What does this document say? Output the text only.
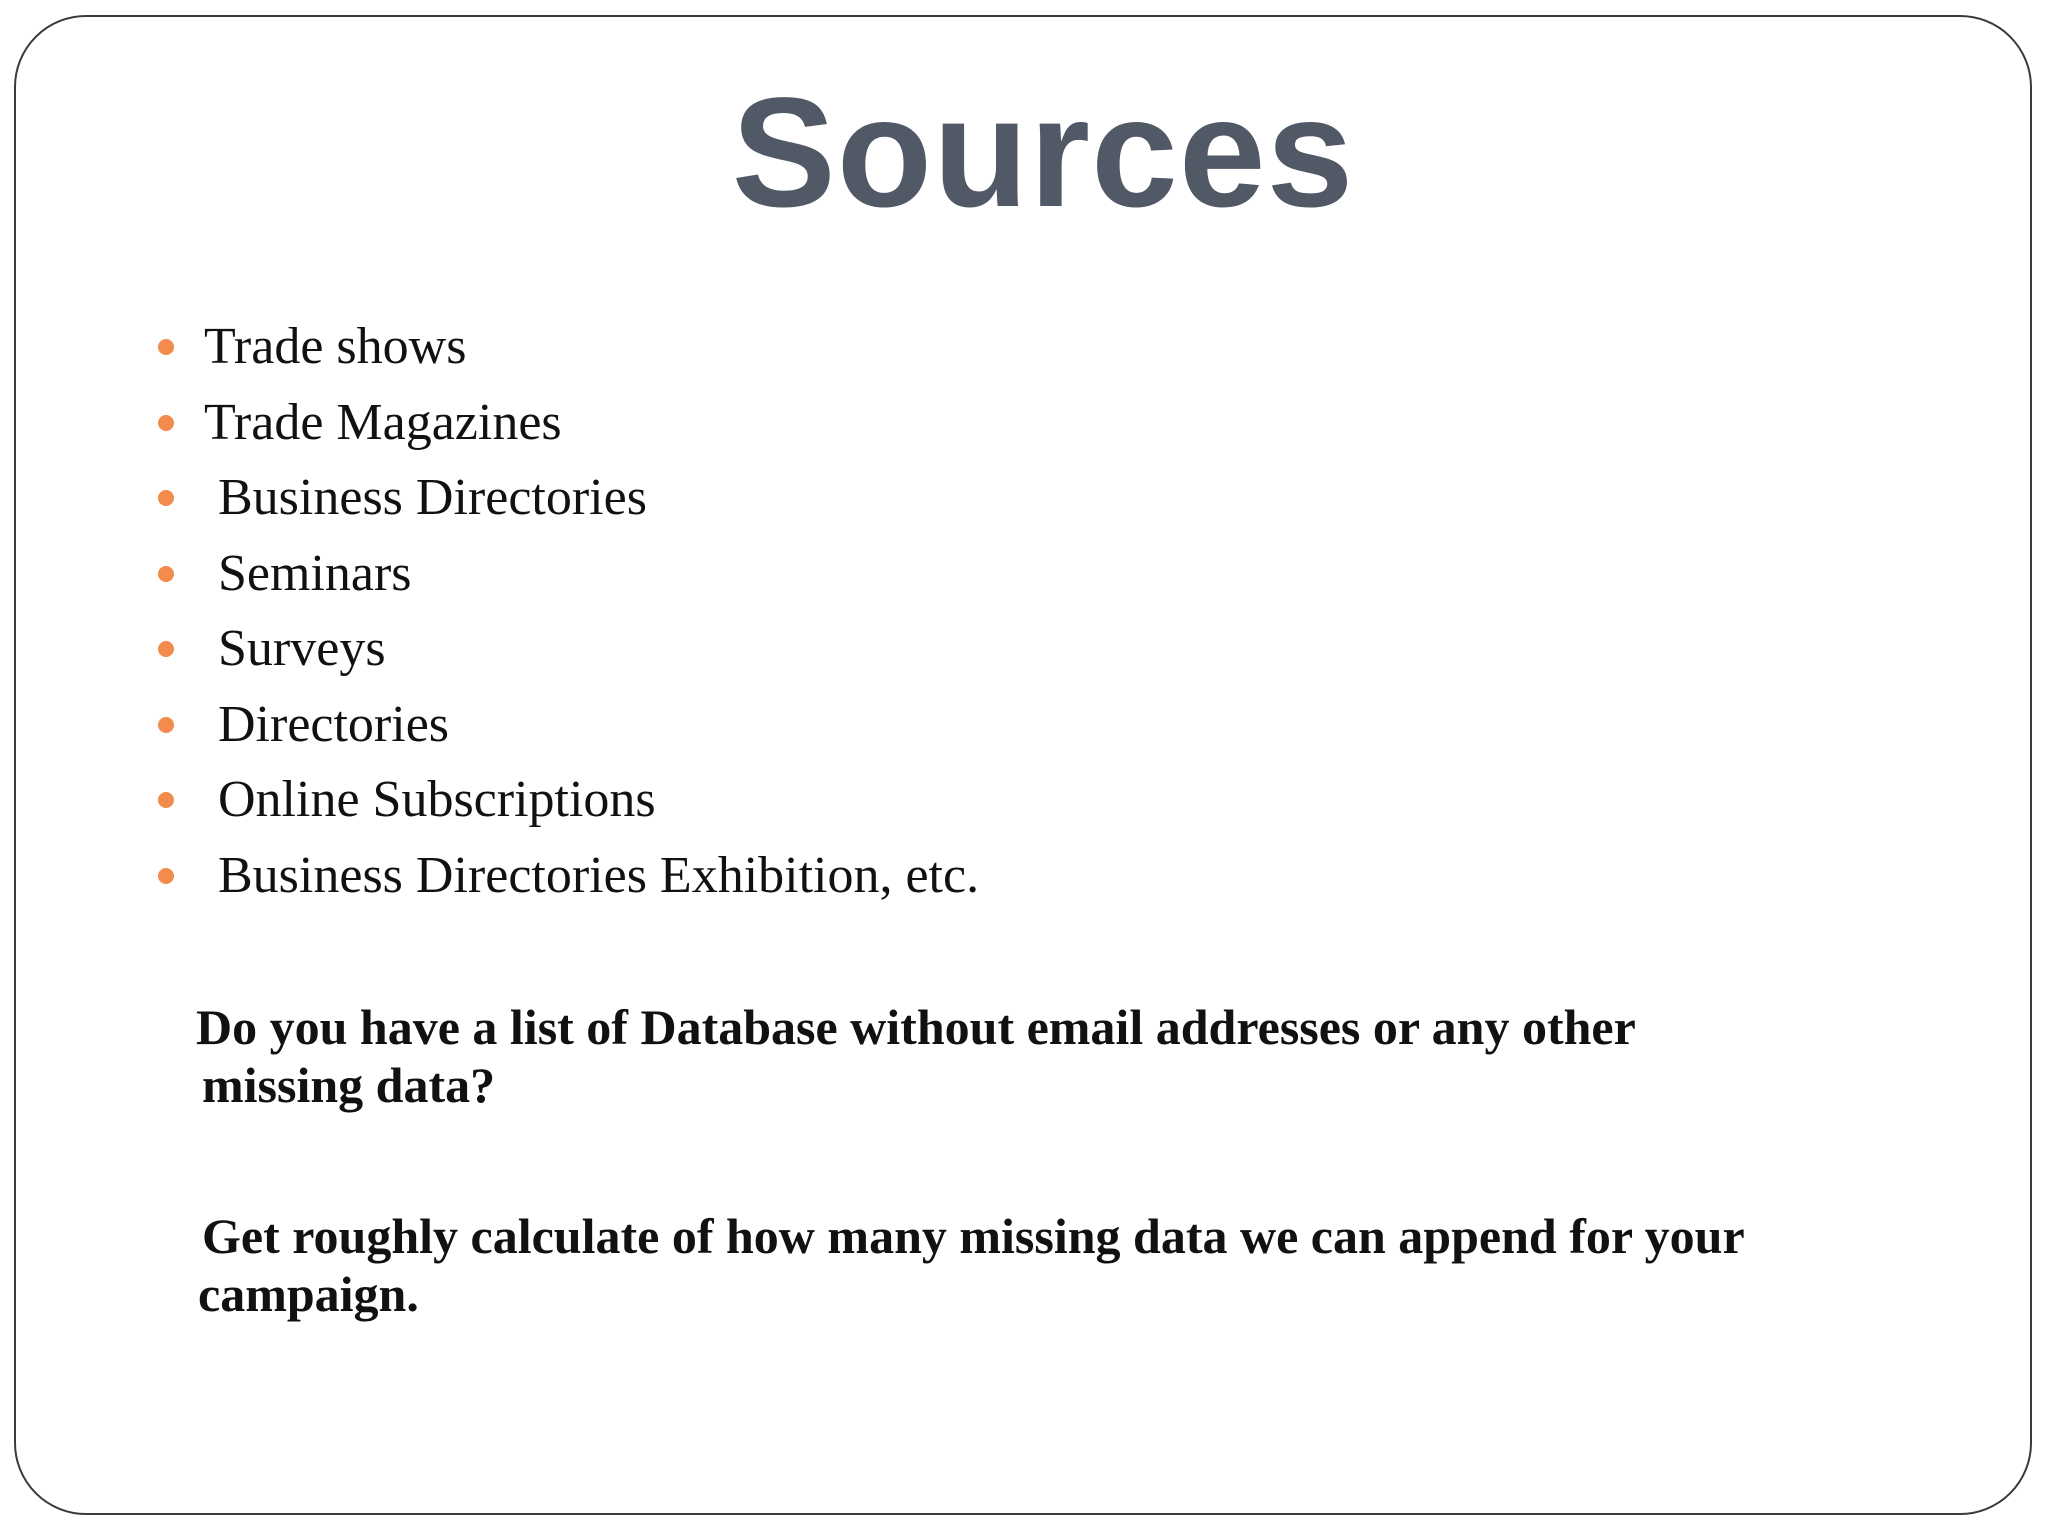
Sources
Trade shows
Trade Magazines
Business Directories
Seminars
Surveys
Directories
Online Subscriptions
Business Directories Exhibition, etc.

Do you have a list of Database without email addresses or any other
missing data?

Get roughly calculate of how many missing data we can append for your
campaign.
